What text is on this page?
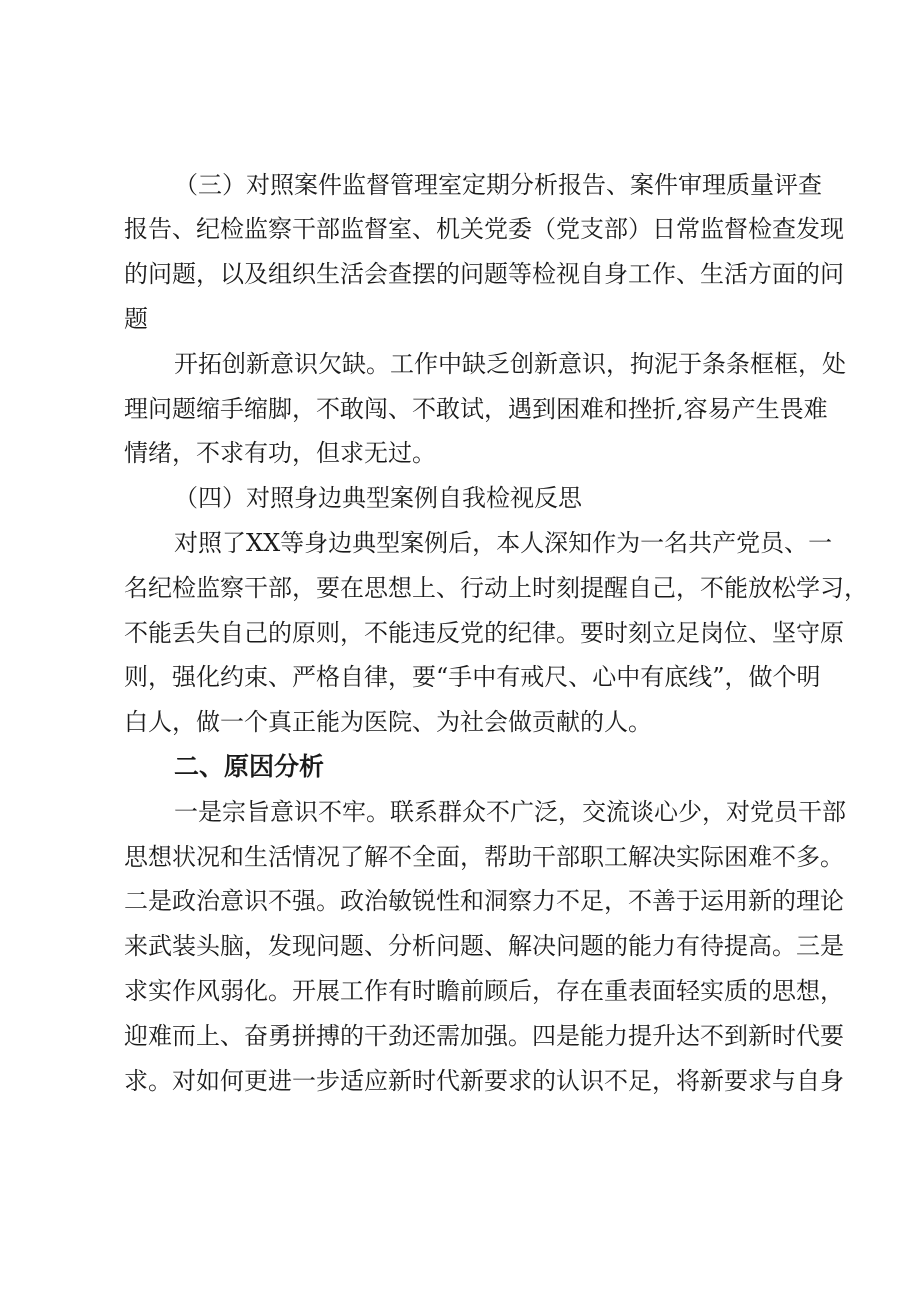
（三）对照案件监督管理室定期分析报告、案件审理质量评查
报告、纪检监察干部监督室、机关党委（党支部）日常监督检查发现
的问题，以及组织生活会查摆的问题等检视自身工作、生活方面的问
题
开拓创新意识欠缺。工作中缺乏创新意识，拘泥于条条框框，处
理问题缩手缩脚，不敢闯、不敢试，遇到困难和挫折,容易产生畏难
情绪，不求有功，但求无过。
（四）对照身边典型案例自我检视反思
对照了XX等身边典型案例后，本人深知作为一名共产党员、一
名纪检监察干部，要在思想上、行动上时刻提醒自己，不能放松学习，
不能丢失自己的原则，不能违反党的纪律。要时刻立足岗位、坚守原
则，强化约束、严格自律，要“手中有戒尺、心中有底线”，做个明
白人，做一个真正能为医院、为社会做贡献的人。
二、原因分析
一是宗旨意识不牢。联系群众不广泛，交流谈心少，对党员干部
思想状况和生活情况了解不全面，帮助干部职工解决实际困难不多。
二是政治意识不强。政治敏锐性和洞察力不足，不善于运用新的理论
来武装头脑，发现问题、分析问题、解决问题的能力有待提高。三是
求实作风弱化。开展工作有时瞻前顾后，存在重表面轻实质的思想，
迎难而上、奋勇拼搏的干劲还需加强。四是能力提升达不到新时代要
求。对如何更进一步适应新时代新要求的认识不足，将新要求与自身
